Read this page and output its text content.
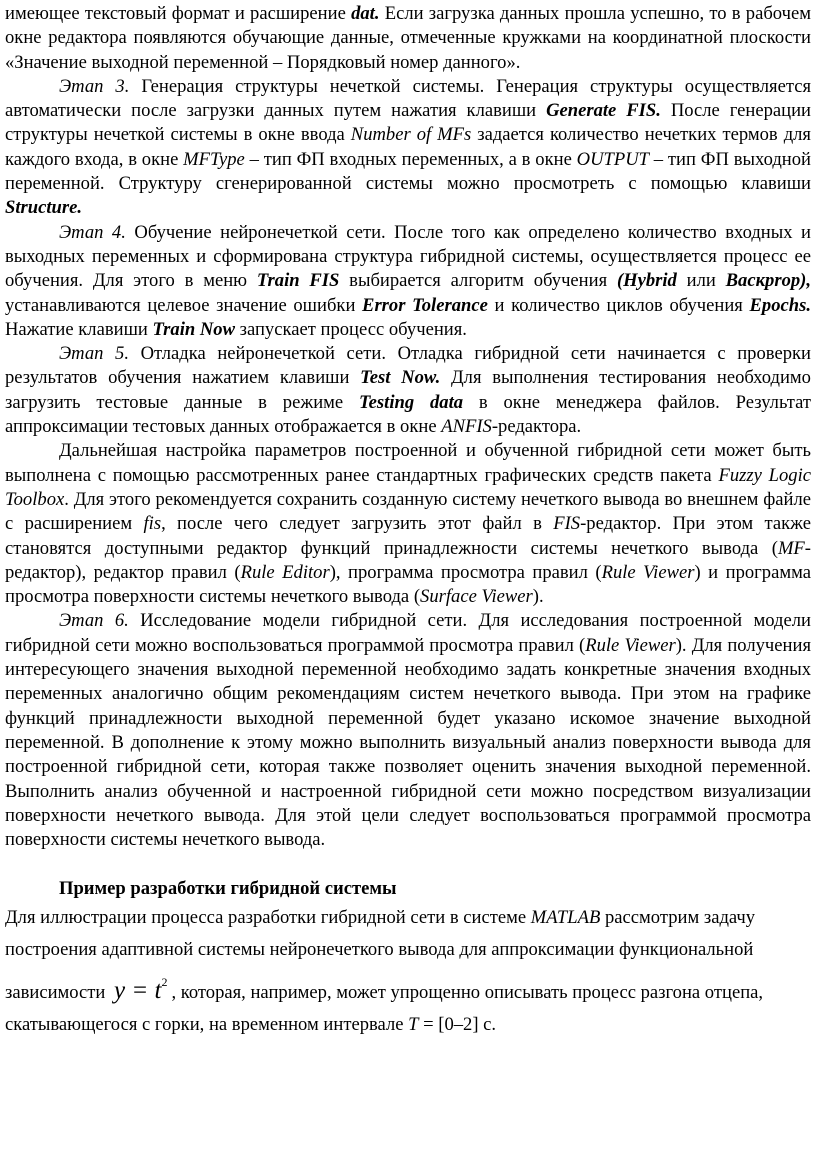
имеющее текстовый формат и расширение dat. Если загрузка данных прошла успешно, то в рабочем окне редактора появляются обучающие данные, отмеченные кружками на координатной плоскости «Значение выходной переменной – Порядковый номер данного».

Этап 3. Генерация структуры нечеткой системы. Генерация структуры осуществляется автоматически после загрузки данных путем нажатия клавиши Generate FIS. После генерации структуры нечеткой системы в окне ввода Number of MFs задается количество нечетких термов для каждого входа, в окне MFType – тип ФП входных переменных, а в окне OUTPUT – тип ФП выходной переменной. Структуру сгенерированной системы можно просмотреть с помощью клавиши Structure.

Этап 4. Обучение нейронечеткой сети. После того как определено количество входных и выходных переменных и сформирована структура гибридной системы, осуществляется процесс ее обучения. Для этого в меню Train FIS выбирается алгоритм обучения (Hybrid или Васкрrор), устанавливаются целевое значение ошибки Error Tolerance и количество циклов обучения Epochs. Нажатие клавиши Train Now запускает процесс обучения.

Этап 5. Отладка нейронечеткой сети. Отладка гибридной сети начинается с проверки результатов обучения нажатием клавиши Test Now. Для выполнения тестирования необходимо загрузить тестовые данные в режиме Testing data в окне менеджера файлов. Результат аппроксимации тестовых данных отображается в окне ANFIS-редактора.

Дальнейшая настройка параметров построенной и обученной гибридной сети может быть выполнена с помощью рассмотренных ранее стандартных графических средств пакета Fuzzy Logic Toolbox. Для этого рекомендуется сохранить созданную систему нечеткого вывода во внешнем файле с расширением fis, после чего следует загрузить этот файл в FIS-редактор. При этом также становятся доступными редактор функций принадлежности системы нечеткого вывода (MF-редактор), редактор правил (Rule Editor), программа просмотра правил (Rule Viewer) и программа просмотра поверхности системы нечеткого вывода (Surface Viewer).

Этап 6. Исследование модели гибридной сети. Для исследования построенной модели гибридной сети можно воспользоваться программой просмотра правил (Rule Viewer). Для получения интересующего значения выходной переменной необходимо задать конкретные значения входных переменных аналогично общим рекомендациям систем нечеткого вывода. При этом на графике функций принадлежности выходной переменной будет указано искомое значение выходной переменной. В дополнение к этому можно выполнить визуальный анализ поверхности вывода для построенной гибридной сети, которая также позволяет оценить значения выходной переменной. Выполнить анализ обученной и настроенной гибридной сети можно посредством визуализации поверхности нечеткого вывода. Для этой цели следует воспользоваться программой просмотра поверхности системы нечеткого вывода.

Пример разработки гибридной системы

Для иллюстрации процесса разработки гибридной сети в системе MATLAB рассмотрим задачу построения адаптивной системы нейронечеткого вывода для аппроксимации функциональной зависимости $y = t^2$ , которая, например, может упрощенно описывать процесс разгона отцепа, скатывающегося с горки, на временном интервале T = [0–2] с.
